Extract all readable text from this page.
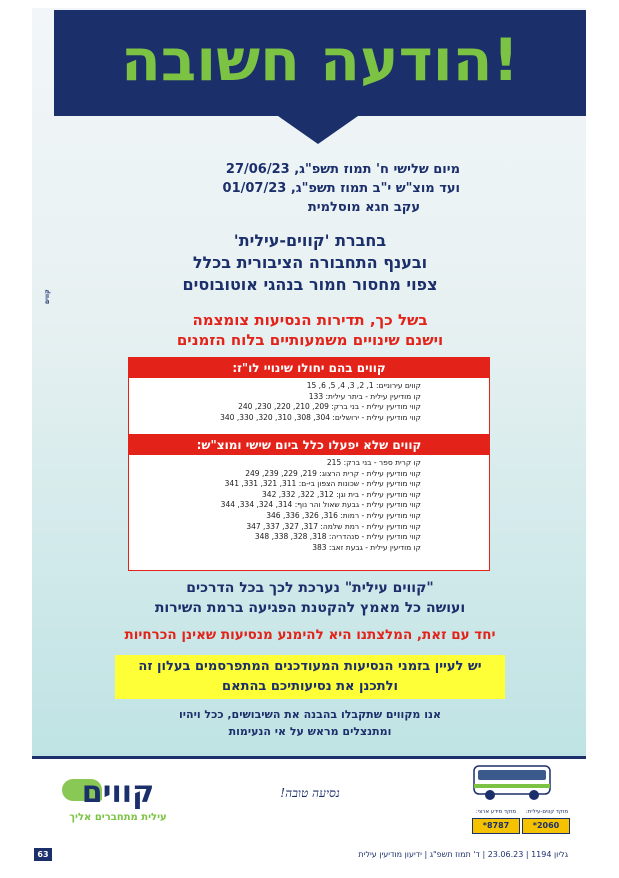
הודעה חשובה!
קווים
מיום שלישי ח' תמוז תשפ"ג, 27/06/23
ועד מוצ"ש י"ב תמוז תשפ"ג, 01/07/23
עקב חגא מוסלמית
בחברת 'קווים-עילית'
ובענף התחבורה הציבורית בכלל
צפוי מחסור חמור בנהגי אוטובוסים
בשל כך, תדירות הנסיעות צומצמה
וישנם שינויים משמעותיים בלוח הזמנים
קווים בהם יחולו שינויי לו"ז:
קווים עירוניים: 1, 2, 3, 4, 5, 6, 15
קו מודיעין עילית - ביתר עילית: 133
קווי מודיעין עילית - בני ברק: 209, 210, 220, 230, 240
קווי מודיעין עילית - ירושלים: 304, 308, 310, 320, 330, 340
קווים שלא יפעלו כלל ביום שישי ומוצ"ש:
קו קרית ספר - בני ברק: 215
קווי מודיעין עילית - קרית הרצוג: 219, 229, 239, 249
קווי מודיעין עילית - שכונות הצפון בי-ם: 311, 321, 331, 341
קווי מודיעין עילית - בית וגן: 312, 322, 332, 342
קווי מודיעין עילית - גבעת שאול והר נוף: 314, 324, 334, 344
קווי מודיעין עילית - רמות: 316, 326, 336, 346
קווי מודיעין עילית - רמת שלמה: 317, 327, 337, 347
קווי מודיעין עילית - סנהדריה: 318, 328, 338, 348
קו מודיעין עילית - גבעת זאב: 383
"קווים עילית" נערכת לכך בכל הדרכים
ועושה כל מאמץ להקטנת הפגיעה ברמת השירות
יחד עם זאת, המלצתנו היא להימנע מנסיעות שאינן הכרחיות
יש לעיין בזמני הנסיעות המעודכנים המתפרסמים בעלון זה
ולתכנן את נסיעותיכם בהתאם
אנו מקווים שתקבלו בהבנה את השיבושים, ככל ויהיו
ומתנצלים מראש על אי הנעימות
קווים
עילית מתחברים אליך
נסיעה טובה!
מוקד מידע ארצי:
*8787
מוקד קווים-עילית:
*2060
גליון 1194 | 23.06.23 | ד' תמוז תשפ"ג | ידיעון מודיעין עילית
63
